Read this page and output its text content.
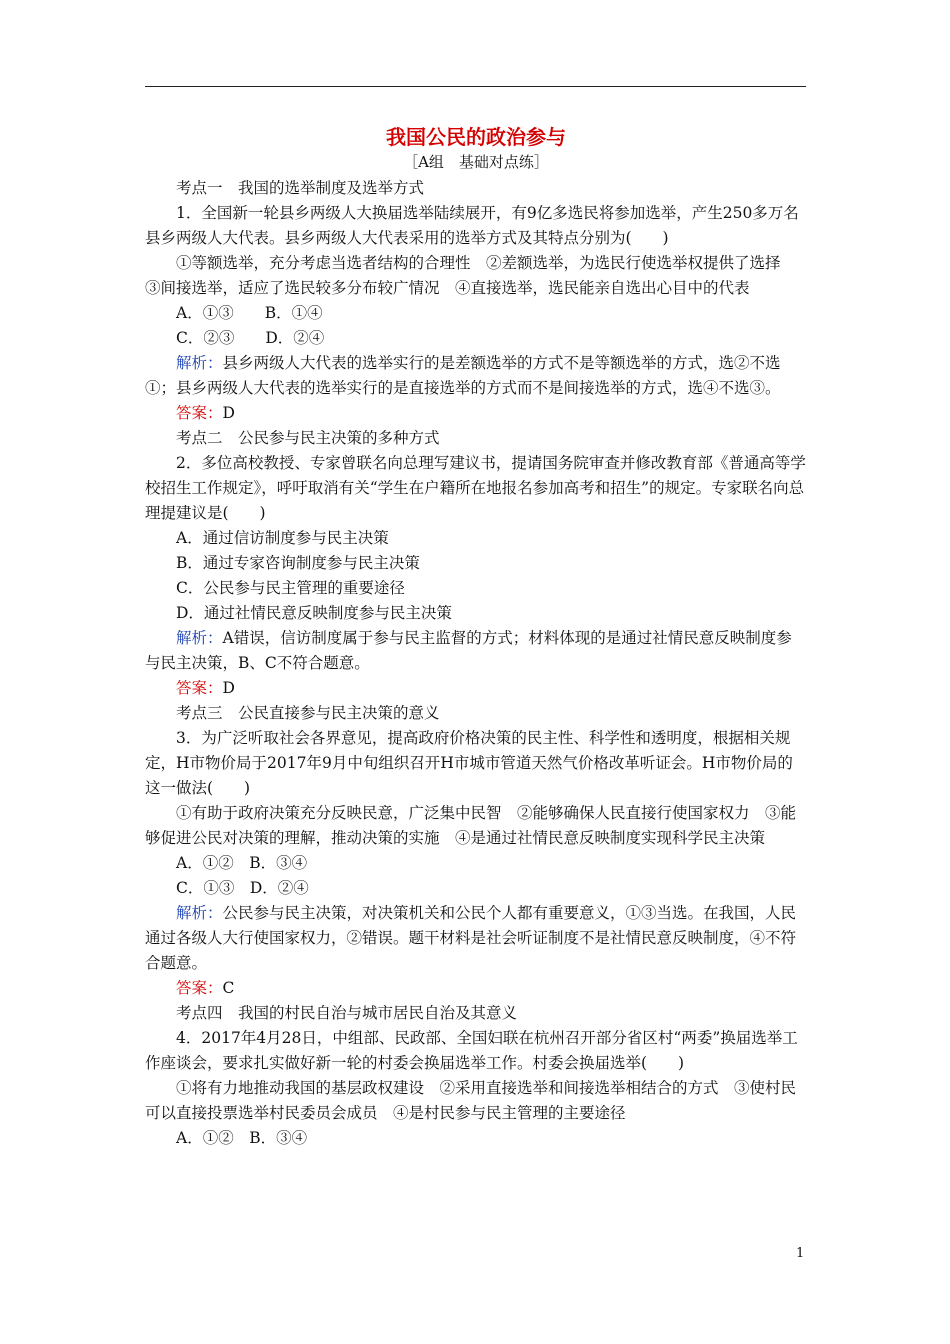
我国公民的政治参与
［A组　基础对点练］

考点一　我国的选举制度及选举方式

1．全国新一轮县乡两级人大换届选举陆续展开，有9亿多选民将参加选举，产生250多万名县乡两级人大代表。县乡两级人大代表采用的选举方式及其特点分别为(　　)

①等额选举，充分考虑当选者结构的合理性　②差额选举，为选民行使选举权提供了选择　③间接选举，适应了选民较多分布较广情况　④直接选举，选民能亲自选出心目中的代表

A．①③　　B．①④

C．②③　　D．②④

解析：县乡两级人大代表的选举实行的是差额选举的方式不是等额选举的方式，选②不选①；县乡两级人大代表的选举实行的是直接选举的方式而不是间接选举的方式，选④不选③。

答案：D

考点二　公民参与民主决策的多种方式

2．多位高校教授、专家曾联名向总理写建议书，提请国务院审查并修改教育部《普通高等学校招生工作规定》，呼吁取消有关“学生在户籍所在地报名参加高考和招生”的规定。专家联名向总理提建议是(　　)

A．通过信访制度参与民主决策

B．通过专家咨询制度参与民主决策

C．公民参与民主管理的重要途径

D．通过社情民意反映制度参与民主决策

解析：A错误，信访制度属于参与民主监督的方式；材料体现的是通过社情民意反映制度参与民主决策，B、C不符合题意。

答案：D

考点三　公民直接参与民主决策的意义

3．为广泛听取社会各界意见，提高政府价格决策的民主性、科学性和透明度，根据相关规定，H市物价局于2017年9月中旬组织召开H市城市管道天然气价格改革听证会。H市物价局的这一做法(　　)

①有助于政府决策充分反映民意，广泛集中民智　②能够确保人民直接行使国家权力　③能够促进公民对决策的理解，推动决策的实施　④是通过社情民意反映制度实现科学民主决策

A．①②　B．③④

C．①③　D．②④

解析：公民参与民主决策，对决策机关和公民个人都有重要意义，①③当选。在我国，人民通过各级人大行使国家权力，②错误。题干材料是社会听证制度不是社情民意反映制度，④不符合题意。

答案：C

考点四　我国的村民自治与城市居民自治及其意义

4．2017年4月28日，中组部、民政部、全国妇联在杭州召开部分省区村“两委”换届选举工作座谈会，要求扎实做好新一轮的村委会换届选举工作。村委会换届选举(　　)

①将有力地推动我国的基层政权建设　②采用直接选举和间接选举相结合的方式　③使村民可以直接投票选举村民委员会成员　④是村民参与民主管理的主要途径

A．①②　B．③④

1
